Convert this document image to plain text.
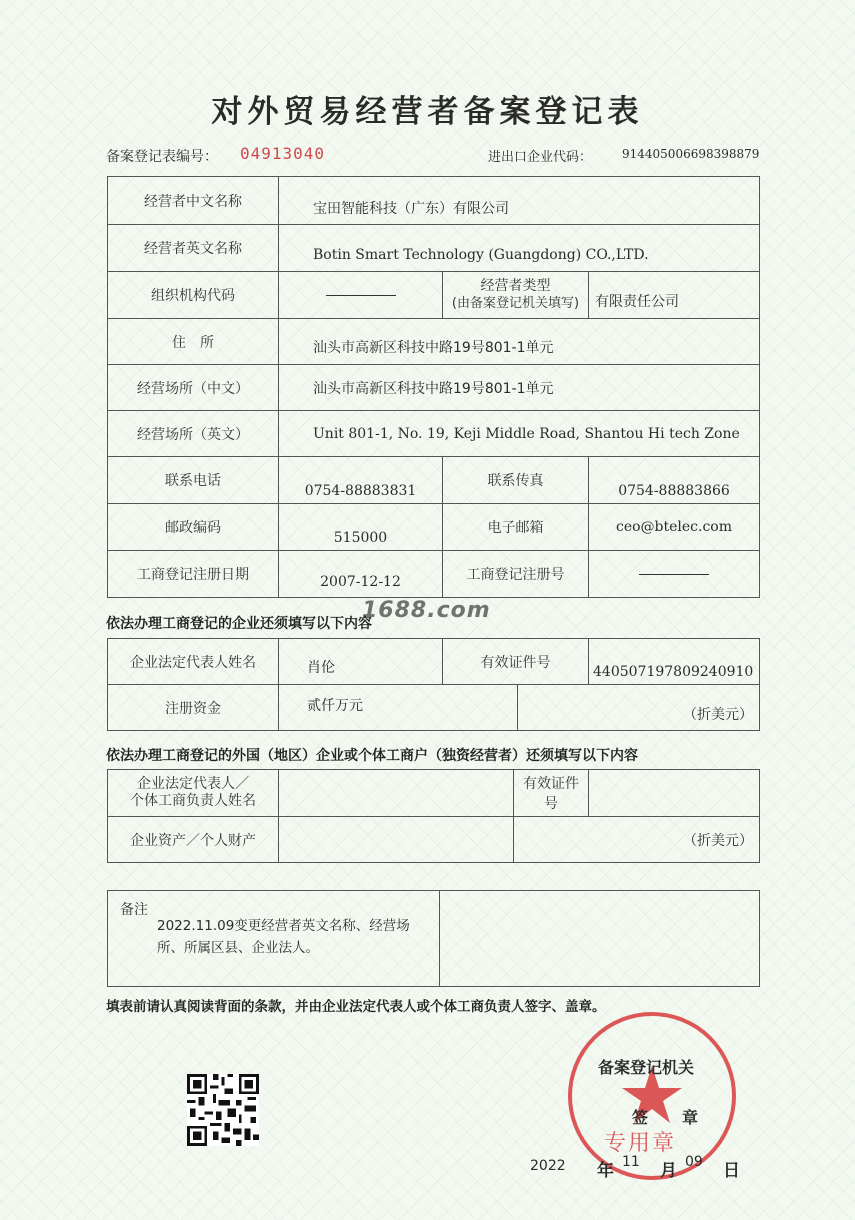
对外贸易经营者备案登记表
备案登记表编号： 04913040	进出口企业代码： 914405006698398879
经营者中文名称	宝田智能科技（广东）有限公司		
经营者英文名称	Botin Smart Technology (Guangdong) CO.,LTD.		
组织机构代码		经营者类型
(由备案登记机关填写)	有限责任公司
住　所	汕头市高新区科技中路19号801-1单元		
经营场所（中文）	汕头市高新区科技中路19号801-1单元		
经营场所（英文）	Unit 801-1, No. 19, Keji Middle Road, Shantou Hi tech Zone		
联系电话	0754-88883831	联系传真	0754-88883866
邮政编码	515000	电子邮箱	ceo@btelec.com
工商登记注册日期	2007-12-12	工商登记注册号	
1688.com
依法办理工商登记的企业还须填写以下内容
企业法定代表人姓名	肖伦	有效证件号		440507197809240910
注册资金	贰仟万元		（折美元）	
依法办理工商登记的外国（地区）企业或个体工商户（独资经营者）还须填写以下内容
企业法定代表人／
个体工商负责人姓名		有效证件号	
企业资产／个人财产		（折美元）	
备注
2022.11.09变更经营者英文名称、经营场所、所属区县、企业法人。

填表前请认真阅读背面的条款，并由企业法定代表人或个体工商负责人签字、盖章。
专用章
备案登记机关
签章
2022 年 11 月 09 日
